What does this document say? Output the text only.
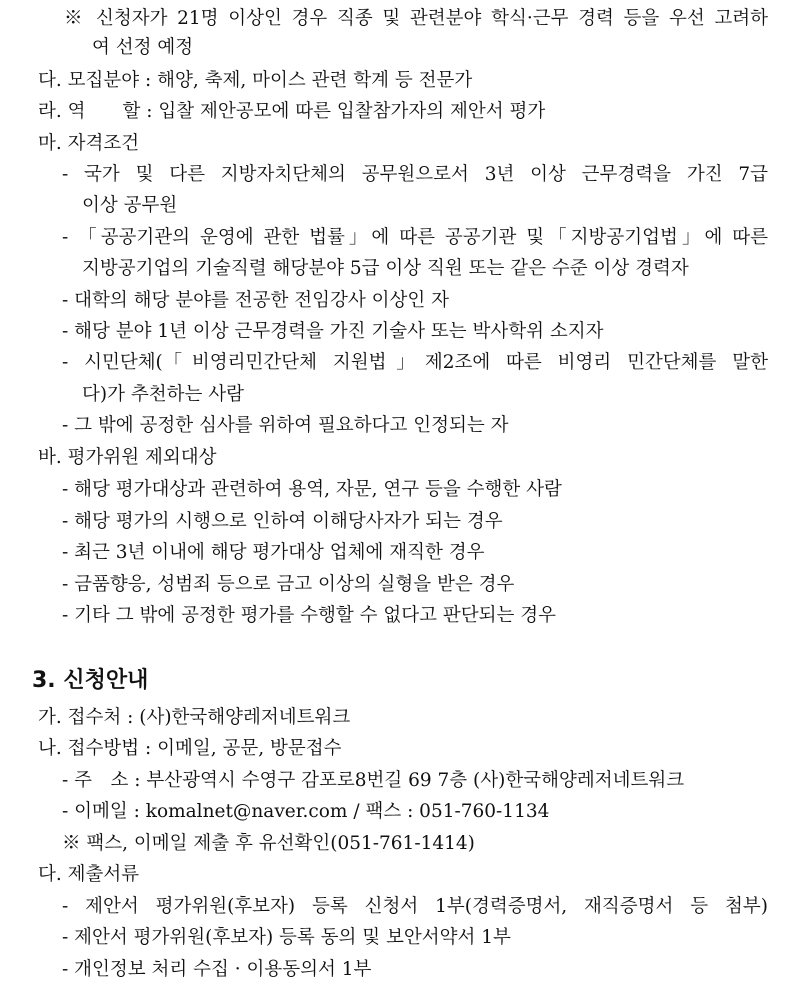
※ 신청자가 21명 이상인 경우 직종 및 관련분야 학식·근무 경력 등을 우선 고려하
여 선정 예정
다. 모집분야 : 해양, 축제, 마이스 관련 학계 등 전문가
라. 역　　할 : 입찰 제안공모에 따른 입찰참가자의 제안서 평가
마. 자격조건
- 국가 및 다른 지방자치단체의 공무원으로서 3년 이상 근무경력을 가진 7급
이상 공무원
- 「공공기관의 운영에 관한 법률」에 따른 공공기관 및「지방공기업법」에 따른
지방공기업의 기술직렬 해당분야 5급 이상 직원 또는 같은 수준 이상 경력자
- 대학의 해당 분야를 전공한 전임강사 이상인 자
- 해당 분야 1년 이상 근무경력을 가진 기술사 또는 박사학위 소지자
- 시민단체(「비영리민간단체 지원법」제2조에 따른 비영리 민간단체를 말한
다)가 추천하는 사람
- 그 밖에 공정한 심사를 위하여 필요하다고 인정되는 자
바. 평가위원 제외대상
- 해당 평가대상과 관련하여 용역, 자문, 연구 등을 수행한 사람
- 해당 평가의 시행으로 인하여 이해당사자가 되는 경우
- 최근 3년 이내에 해당 평가대상 업체에 재직한 경우
- 금품향응, 성범죄 등으로 금고 이상의 실형을 받은 경우
- 기타 그 밖에 공정한 평가를 수행할 수 없다고 판단되는 경우
3. 신청안내
가. 접수처 : (사)한국해양레저네트워크
나. 접수방법 : 이메일, 공문, 방문접수
- 주　소 : 부산광역시 수영구 감포로8번길 69 7층 (사)한국해양레저네트워크
- 이메일 : komalnet@naver.com / 팩스 : 051-760-1134
※ 팩스, 이메일 제출 후 유선확인(051-761-1414)
다. 제출서류
- 제안서 평가위원(후보자) 등록 신청서 1부(경력증명서, 재직증명서 등 첨부)
- 제안서 평가위원(후보자) 등록 동의 및 보안서약서 1부
- 개인정보 처리 수집 · 이용동의서 1부
